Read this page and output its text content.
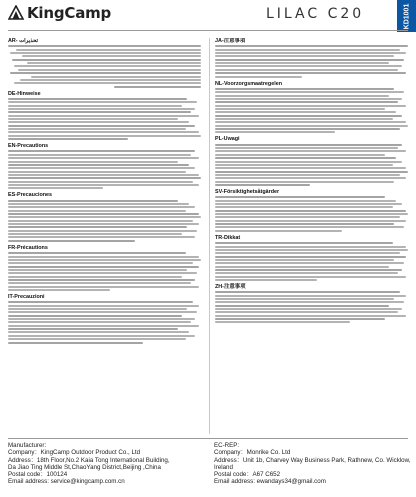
KingCamp	LILAC C20	KD1001
AR- تحذيرات
DE-Hinweise
EN-Precautions
ES-Precauciones
FR-Précautions
IT-Precauzioni
JA-注意事項
NL-Voorzorgsmaatregelen
PL-Uwagi
SV-Försiktighetsåtgärder
TR-Dikkat
ZH-注意事项
Manufacturer:
Company：KingCamp Outdoor Product Co., Ltd
Address：18th Floor,No.2 Kaia Tong International Building,
Da Jiao Ting Middle St,ChaoYang District,Beijing ,China
Postal code：100124
Email address: service@kingcamp.com.cn
EC-REP:
Company：Monrike Co. Ltd
Address：Unit 1b, Charvey Way Business Park, Rathnew, Co. Wicklow,
Ireland
Postal code：A67 C652
Email address: ewandays34@gmail.com
